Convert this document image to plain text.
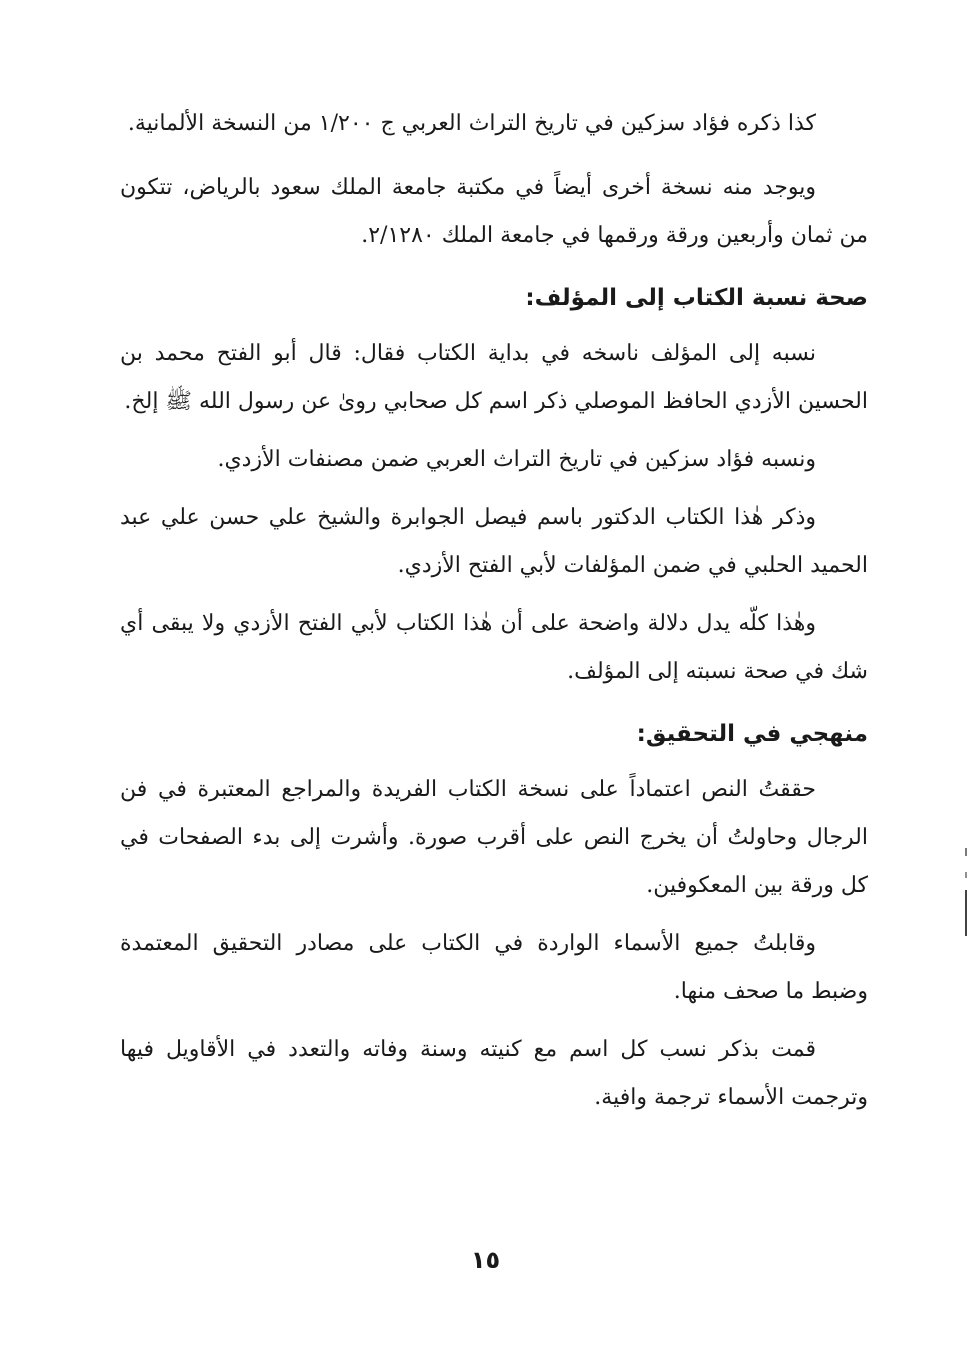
كذا ذكره فؤاد سزكين في تاريخ التراث العربي ج ١/٢٠٠ من النسخة الألمانية.

ويوجد منه نسخة أخرى أيضاً في مكتبة جامعة الملك سعود بالرياض، تتكون من ثمان وأربعين ورقة ورقمها في جامعة الملك ٢/١٢٨٠.

صحة نسبة الكتاب إلى المؤلف:

نسبه إلى المؤلف ناسخه في بداية الكتاب فقال: قال أبو الفتح محمد بن الحسين الأزدي الحافظ الموصلي ذكر اسم كل صحابي روىٰ عن رسول الله ﷺ إلخ.

ونسبه فؤاد سزكين في تاريخ التراث العربي ضمن مصنفات الأزدي.

وذكر هٰذا الكتاب الدكتور باسم فيصل الجوابرة والشيخ علي حسن علي عبد الحميد الحلبي في ضمن المؤلفات لأبي الفتح الأزدي.

وهٰذا كلّه يدل دلالة واضحة على أن هٰذا الكتاب لأبي الفتح الأزدي ولا يبقى أي شك في صحة نسبته إلى المؤلف.

منهجي في التحقيق:

حققتُ النص اعتماداً على نسخة الكتاب الفريدة والمراجع المعتبرة في فن الرجال وحاولتُ أن يخرج النص على أقرب صورة. وأشرت إلى بدء الصفحات في كل ورقة بين المعكوفين.

وقابلتُ جميع الأسماء الواردة في الكتاب على مصادر التحقيق المعتمدة وضبط ما صحف منها.

قمت بذكر نسب كل اسم مع كنيته وسنة وفاته والتعدد في الأقاويل فيها وترجمت الأسماء ترجمة وافية.

١٥
